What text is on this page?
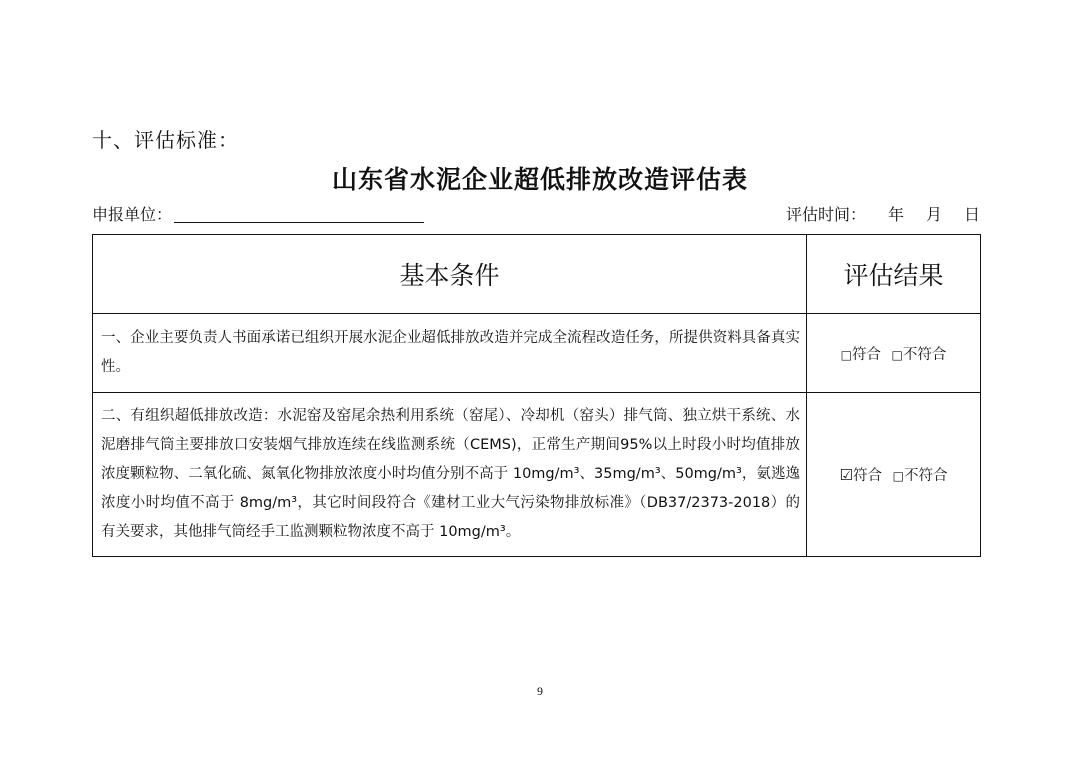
十、评估标准：
山东省水泥企业超低排放改造评估表
申报单位：	评估时间： 年 月 日
基本条件	评估结果
一、企业主要负责人书面承诺已组织开展水泥企业超低排放改造并完成全流程改造任务，所提供资料具备真实性。	□符合 □不符合
二、有组织超低排放改造：水泥窑及窑尾余热利用系统（窑尾）、冷却机（窑头）排气筒、独立烘干系统、水泥磨排气筒主要排放口安装烟气排放连续在线监测系统（CEMS)，正常生产期间95%以上时段小时均值排放浓度颗粒物、二氧化硫、氮氧化物排放浓度小时均值分别不高于 10mg/m³、35mg/m³、50mg/m³，氨逃逸浓度小时均值不高于 8mg/m³，其它时间段符合《建材工业大气污染物排放标准》（DB37/2373-2018）的有关要求，其他排气筒经手工监测颗粒物浓度不高于 10mg/m³。	☑符合 □不符合
9
